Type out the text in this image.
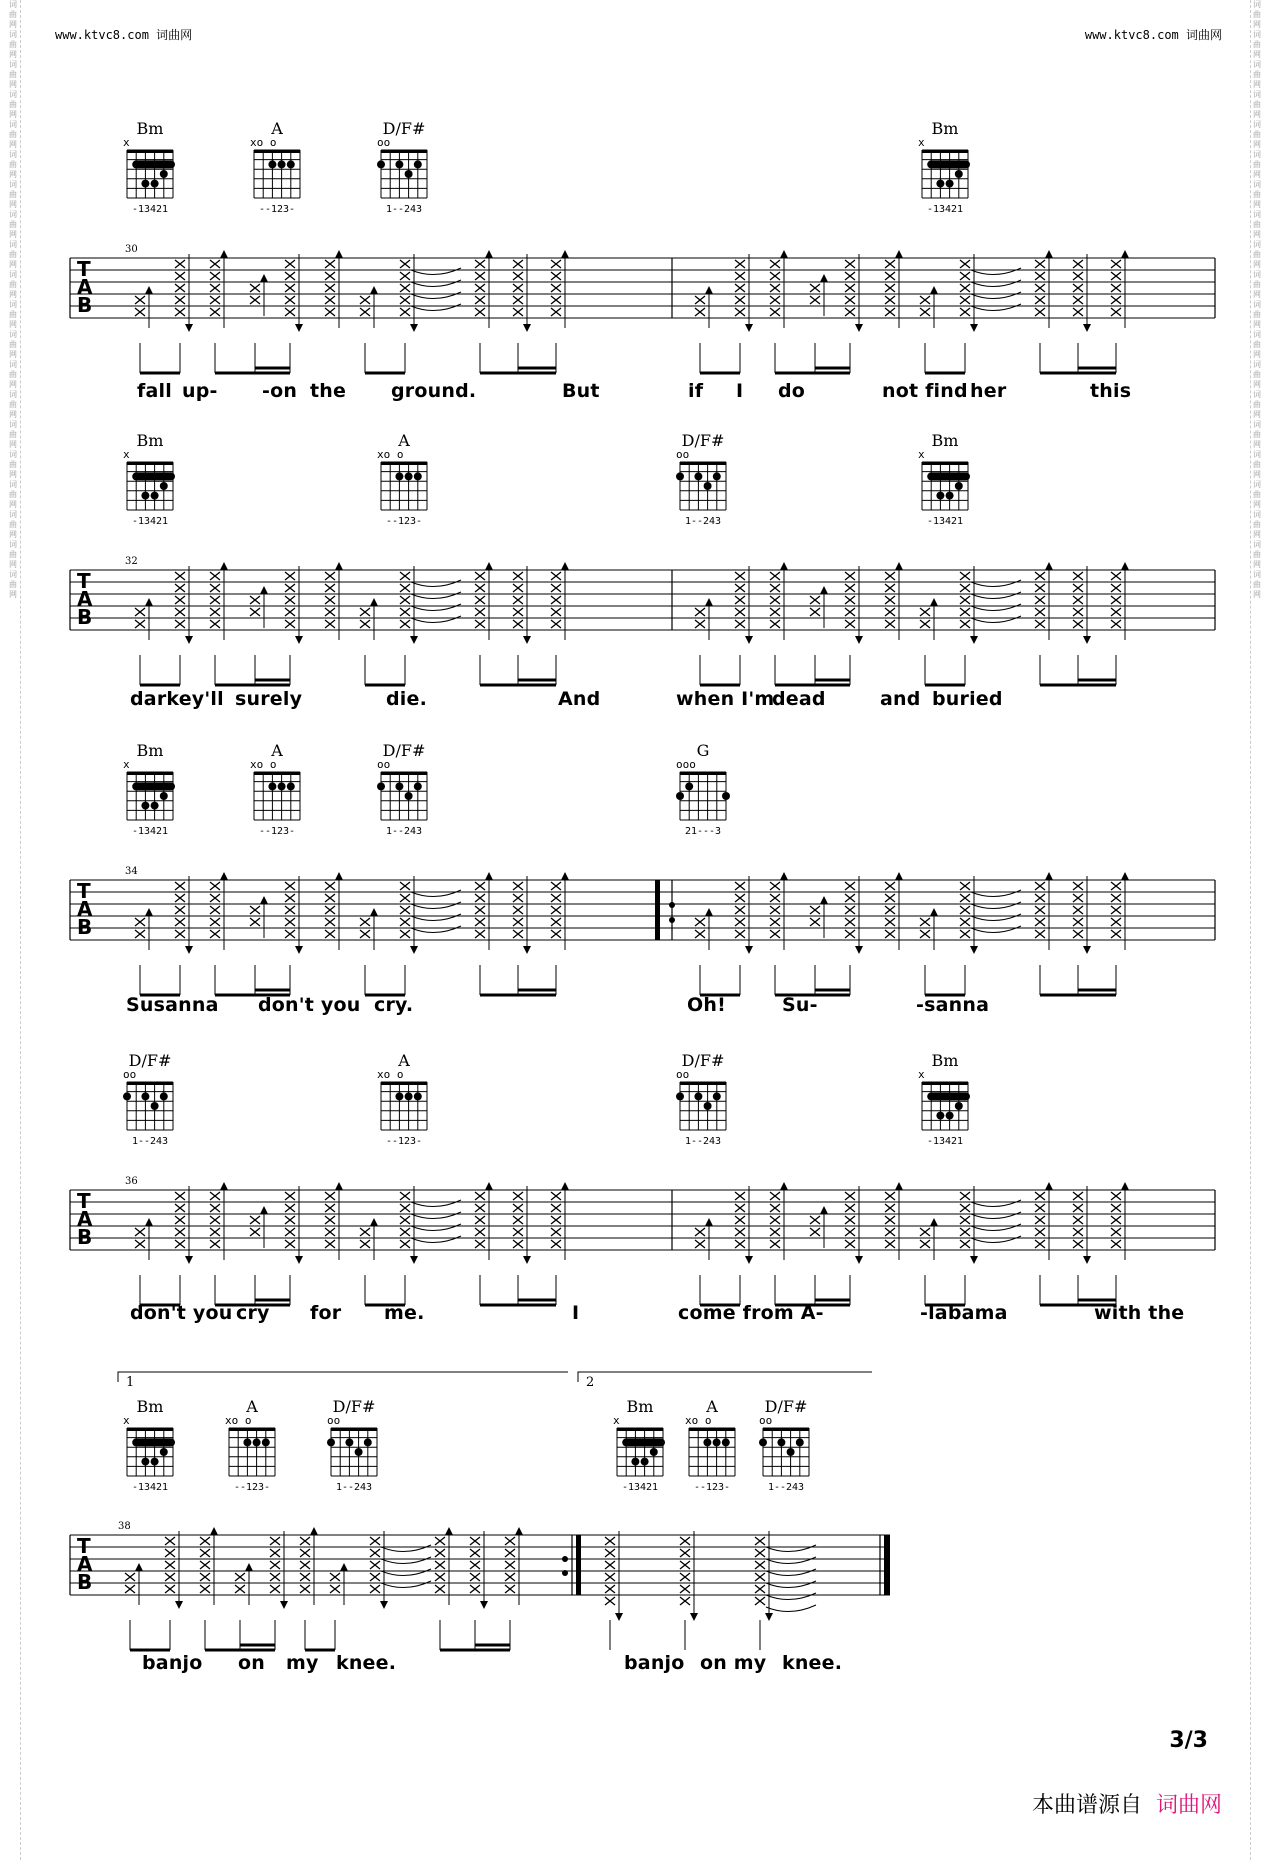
词
曲
网
词
曲
网
词
曲
网
词
曲
网
词
曲
网
词
曲
网
词
曲
网
词
曲
网
词
曲
网
词
曲
网
词
曲
网
词
曲
网
词
曲
网
词
曲
网
词
曲
网
词
曲
网
词
曲
网
词
曲
网
词
曲
网
词
曲
网
词
曲
网
词
曲
网
词
曲
网
词
曲
网
词
曲
网
词
曲
网
词
曲
网
词
曲
网
词
曲
网
词
曲
网
词
曲
网
词
曲
网
词
曲
网
词
曲
网
词
曲
网
词
曲
网
词
曲
网
词
曲
网
词
曲
网
词
曲
网
www.ktvc8.com 词曲网	www.ktvc8.com 词曲网
T
A
B
30
Bm
x
-13421
A
xo o
--123-
D/F#
oo
1--243
Bm
x
-13421
T
A
B
32
Bm
x
-13421
A
xo o
--123-
D/F#
oo
1--243
Bm
x
-13421
T
A
B
34
Bm
x
-13421
A
xo o
--123-
D/F#
oo
1--243
G
ooo
21---3
T
A
B
36
D/F#
oo
1--243
A
xo o
--123-
D/F#
oo
1--243
Bm
x
-13421
T
A
B
38
1	2
Bm
x
-13421
A
xo o
--123-
D/F#
oo
1--243
Bm
x
-13421
A
xo o
--123-
D/F#
oo
1--243
fall up- -on the ground.	But	if I do	not find her	this
darkey'll surely	die.	And	when I'm
dead	and buried
Susanna don't you cry.	Oh!	Su-	-sanna
don't you cry for me.	I	come from A-	-labama	with the
banjo on my knee.	banjo on my knee.
3/3
本曲谱源自 词曲网
